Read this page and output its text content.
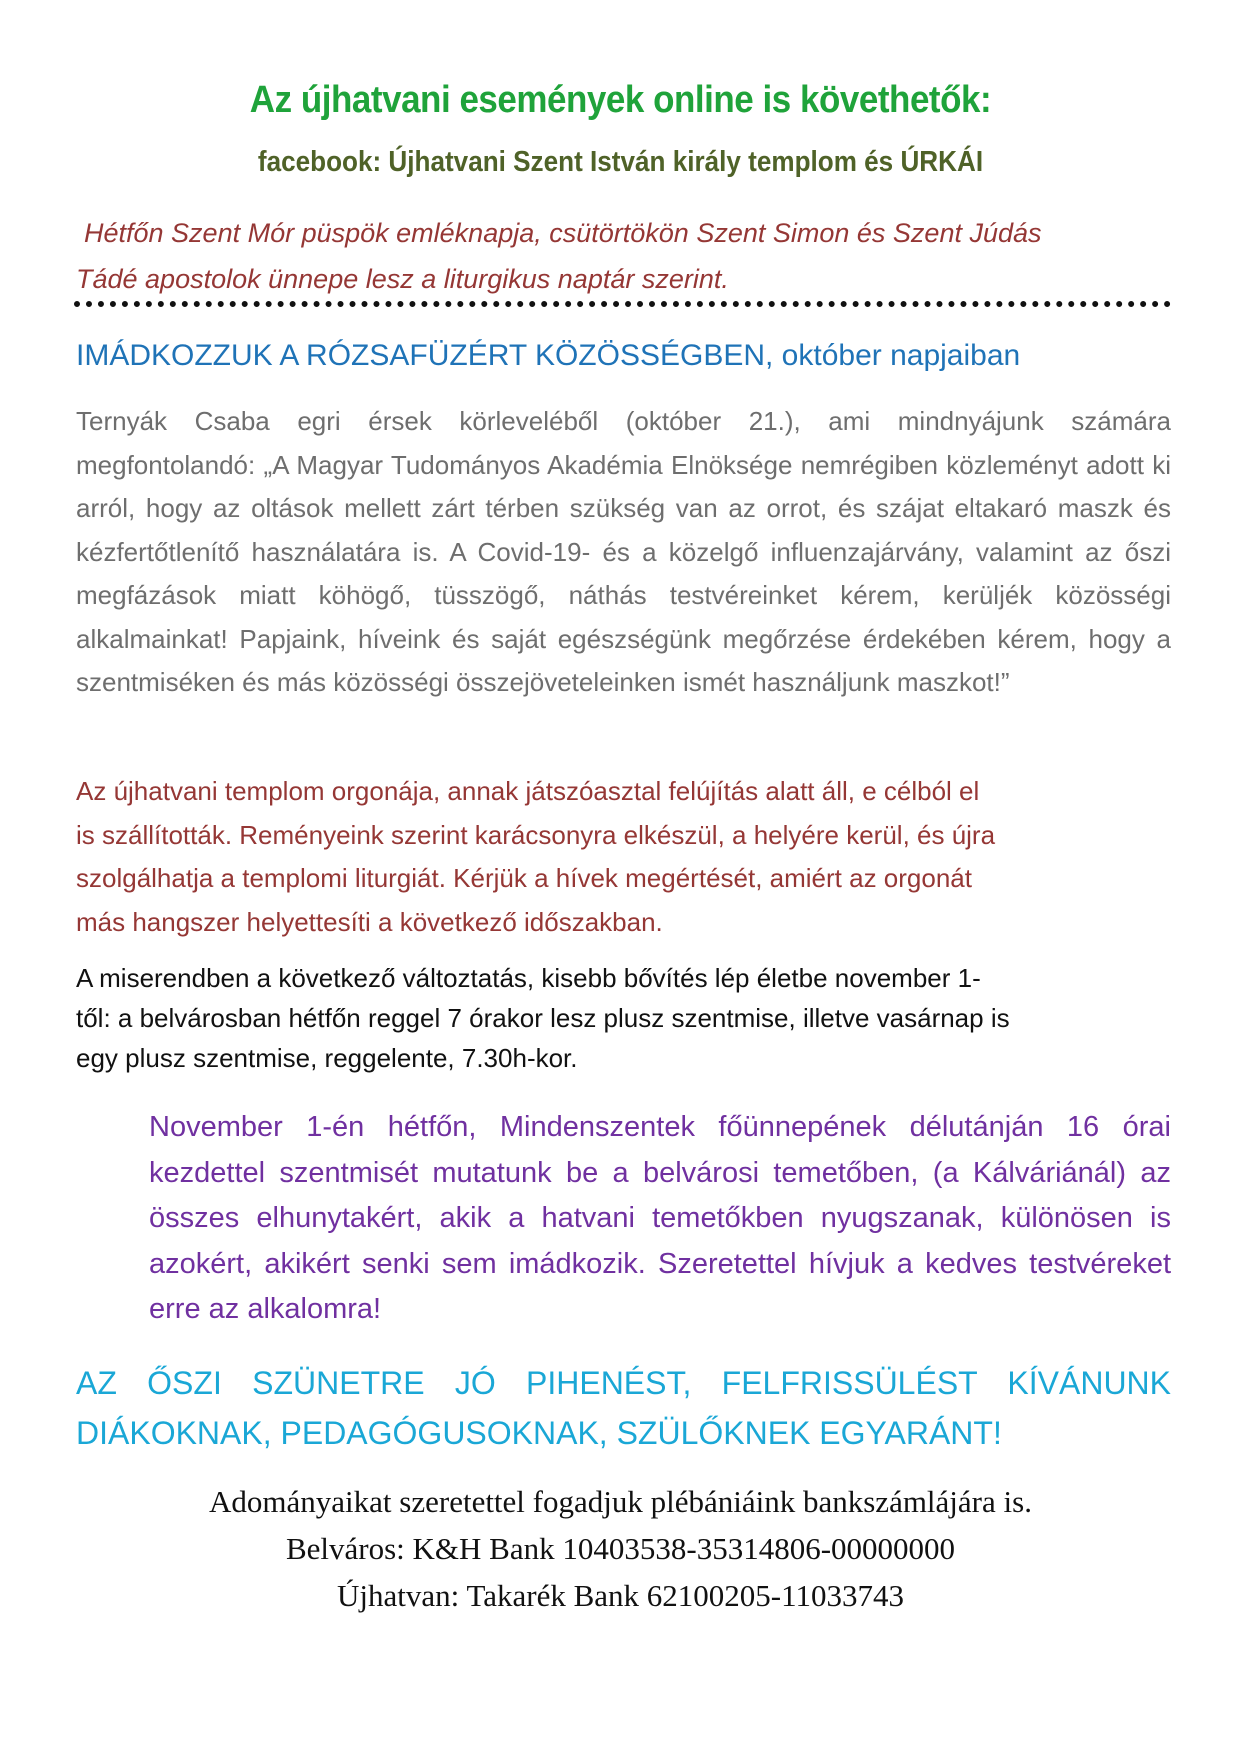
Az újhatvani események online is követhetők:
facebook: Újhatvani Szent István király templom és ÚRKÁI
Hétfőn Szent Mór püspök emléknapja, csütörtökön Szent Simon és Szent Júdás
Tádé apostolok ünnepe lesz a liturgikus naptár szerint.
IMÁDKOZZUK A RÓZSAFÜZÉRT KÖZÖSSÉGBEN, október napjaiban
Ternyák Csaba egri érsek körleveléből (október 21.), ami mindnyájunk számára megfontolandó: „A Magyar Tudományos Akadémia Elnöksége nemrégiben közleményt adott ki arról, hogy az oltások mellett zárt térben szükség van az orrot, és szájat eltakaró maszk és kézfertőtlenítő használatára is. A Covid-19- és a közelgő influenzajárvány, valamint az őszi megfázások miatt köhögő, tüsszögő, náthás testvéreinket kérem, kerüljék közösségi alkalmainkat! Papjaink, híveink és saját egészségünk megőrzése érdekében kérem, hogy a szentmiséken és más közösségi összejöveteleinken ismét használjunk maszkot!”
Az újhatvani templom orgonája, annak játszóasztal felújítás alatt áll, e célból el
is szállították. Reményeink szerint karácsonyra elkészül, a helyére kerül, és újra
szolgálhatja a templomi liturgiát. Kérjük a hívek megértését, amiért az orgonát
más hangszer helyettesíti a következő időszakban.
A miserendben a következő változtatás, kisebb bővítés lép életbe november 1-
től: a belvárosban hétfőn reggel 7 órakor lesz plusz szentmise, illetve vasárnap is
egy plusz szentmise, reggelente, 7.30h-kor.
November 1-én hétfőn, Mindenszentek főünnepének délutánján 16 órai kezdettel szentmisét mutatunk be a belvárosi temetőben, (a Kálváriánál) az összes elhunytakért, akik a hatvani temetőkben nyugszanak, különösen is azokért, akikért senki sem imádkozik. Szeretettel hívjuk a kedves testvéreket erre az alkalomra!
AZ ŐSZI SZÜNETRE JÓ PIHENÉST, FELFRISSÜLÉST KÍVÁNUNK DIÁKOKNAK, PEDAGÓGUSOKNAK, SZÜLŐKNEK EGYARÁNT!
Adományaikat szeretettel fogadjuk plébániáink bankszámlájára is.
Belváros: K&H Bank 10403538-35314806-00000000
Újhatvan: Takarék Bank 62100205-11033743
